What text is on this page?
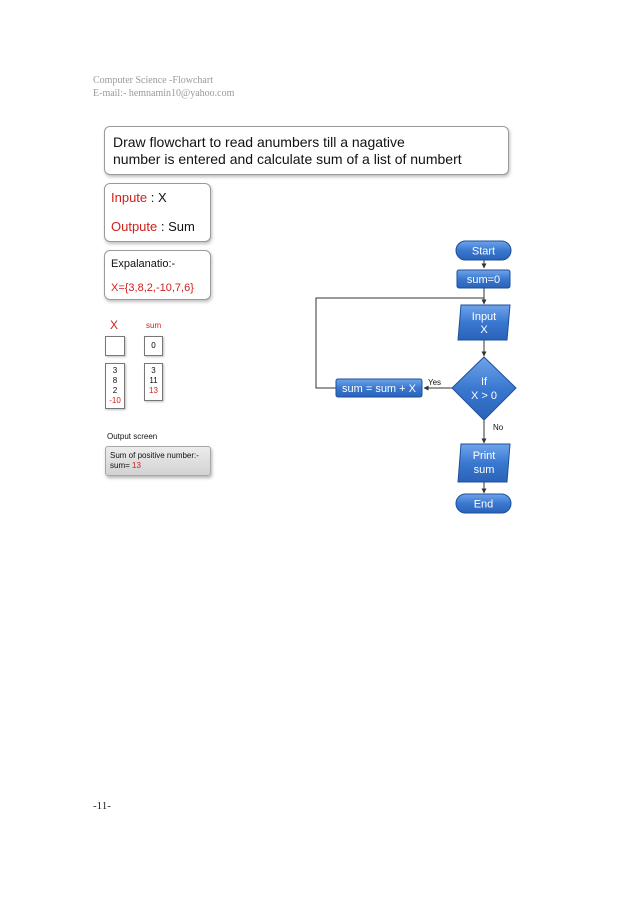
Computer Science -Flowchart
E-mail:- hemnamin10@yahoo.com
Draw flowchart to read anumbers till a nagative
number is entered and calculate sum of a list of numbert
Inpute : X
Outpute : Sum
Expalanatio:-
X={3,8,2,-10,7,6}
X	sum
0
3
8
2
-10
3
11
13
Output screen
Sum of positive number:-
sum= 13
Start
sum=0
Input
X
If
X > 0
Yes
No
sum = sum + X
Print
sum
End
-11-
